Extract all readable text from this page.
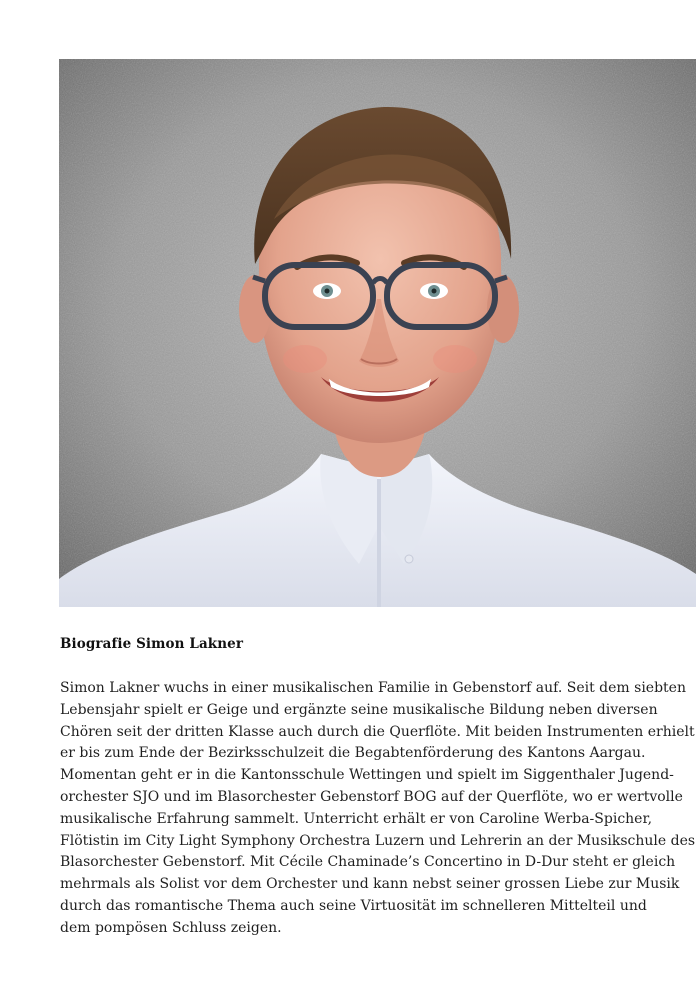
Biografie Simon Lakner
Simon Lakner wuchs in einer musikalischen Familie in Gebenstorf auf. Seit dem siebten
Lebensjahr spielt er Geige und ergänzte seine musikalische Bildung neben diversen
Chören seit der dritten Klasse auch durch die Querflöte. Mit beiden Instrumenten erhielt
er bis zum Ende der Bezirksschulzeit die Begabtenförderung des Kantons Aargau.
Momentan geht er in die Kantonsschule Wettingen und spielt im Siggenthaler Jugend-
orchester SJO und im Blasorchester Gebenstorf BOG auf der Querflöte, wo er wertvolle
musikalische Erfahrung sammelt. Unterricht erhält er von Caroline Werba-Spicher,
Flötistin im City Light Symphony Orchestra Luzern und Lehrerin an der Musikschule des
Blasorchester Gebenstorf. Mit Cécile Chaminade’s Concertino in D-Dur steht er gleich
mehrmals als Solist vor dem Orchester und kann nebst seiner grossen Liebe zur Musik
durch das romantische Thema auch seine Virtuosität im schnelleren Mittelteil und
dem pompösen Schluss zeigen.
